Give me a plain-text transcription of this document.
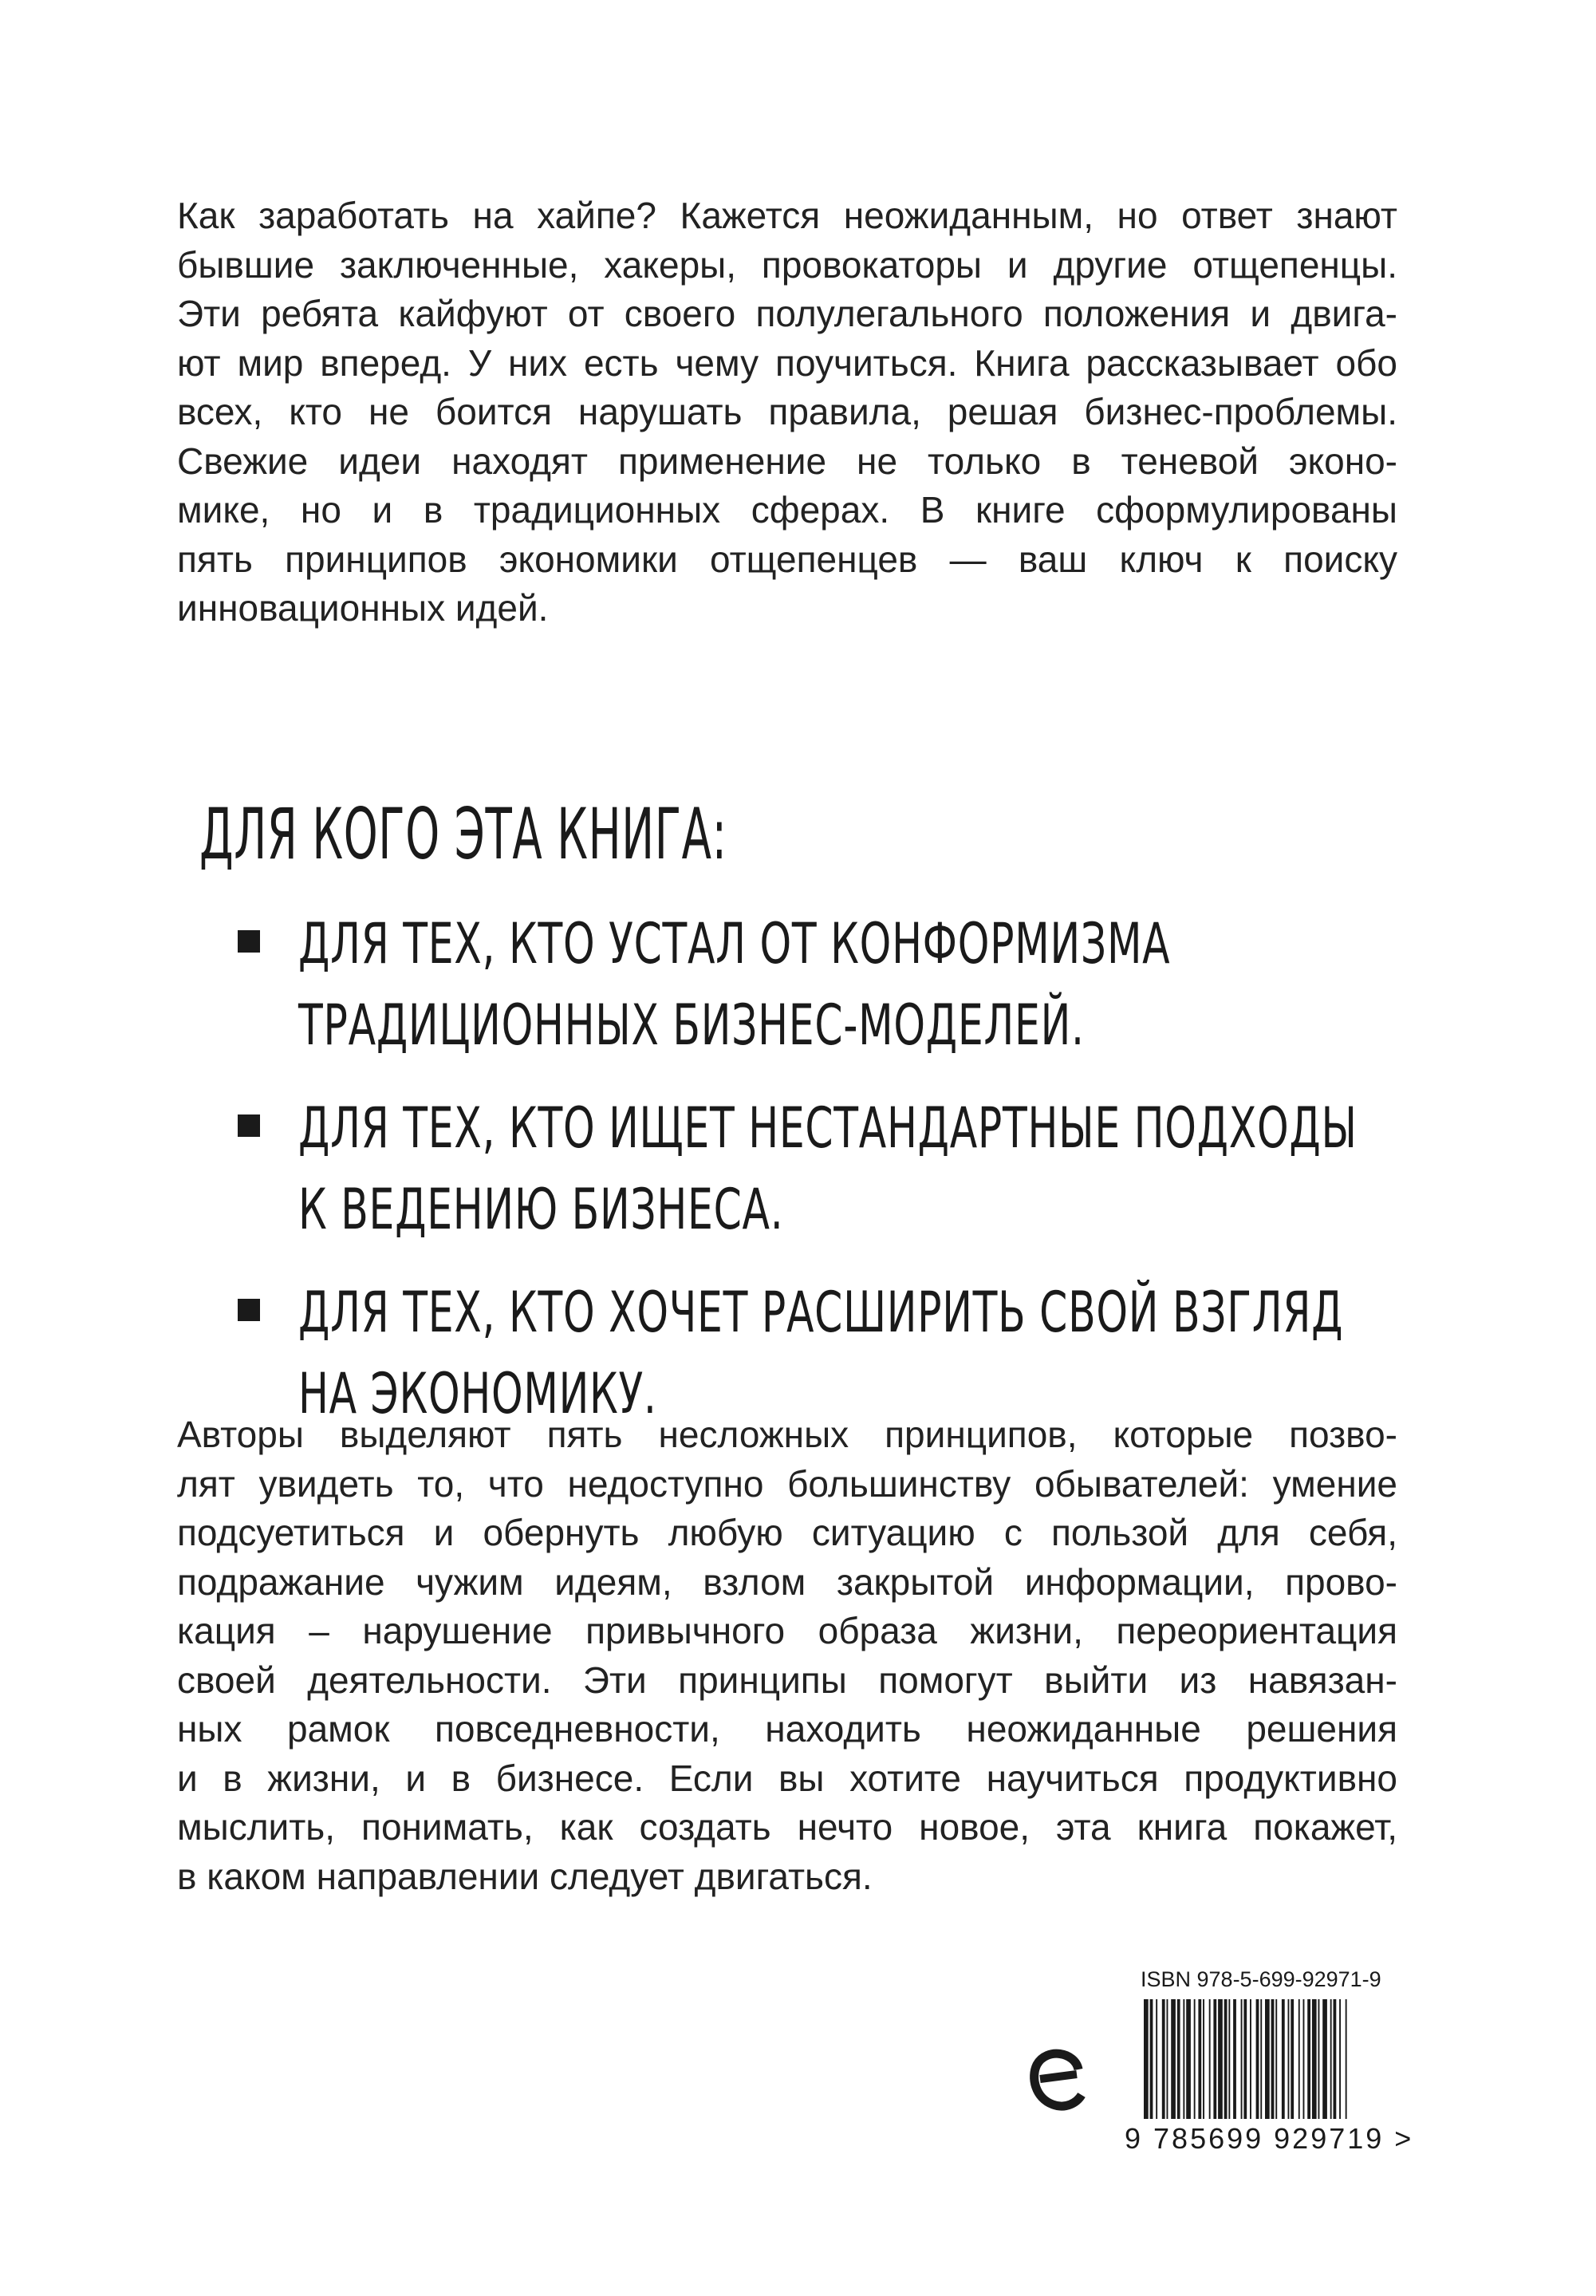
Как заработать на хайпе? Кажется неожиданным, но ответ знают
бывшие заключенные, хакеры, провокаторы и другие отщепенцы.
Эти ребята кайфуют от своего полулегального положения и двига-
ют мир вперед. У них есть чему поучиться. Книга рассказывает обо
всех, кто не боится нарушать правила, решая бизнес-проблемы.
Свежие идеи находят применение не только в теневой эконо-
мике, но и в традиционных сферах. В книге сформулированы
пять принципов экономики отщепенцев — ваш ключ к поиску
инновационных идей.
ДЛЯ КОГО ЭТА КНИГА:
ДЛЯ ТЕХ, КТО УСТАЛ ОТ КОНФОРМИЗМА
ТРАДИЦИОННЫХ БИЗНЕС-МОДЕЛЕЙ.
ДЛЯ ТЕХ, КТО ИЩЕТ НЕСТАНДАРТНЫЕ ПОДХОДЫ
К ВЕДЕНИЮ БИЗНЕСА.
ДЛЯ ТЕХ, КТО ХОЧЕТ РАСШИРИТЬ СВОЙ ВЗГЛЯД
НА ЭКОНОМИКУ.
Авторы выделяют пять несложных принципов, которые позво-
лят увидеть то, что недоступно большинству обывателей: умение
подсуетиться и обернуть любую ситуацию с пользой для себя,
подражание чужим идеям, взлом закрытой информации, прово-
кация – нарушение привычного образа жизни, переориентация
своей деятельности. Эти принципы помогут выйти из навязан-
ных рамок повседневности, находить неожиданные решения
и в жизни, и в бизнесе. Если вы хотите научиться продуктивно
мыслить, понимать, как создать нечто новое, эта книга покажет,
в каком направлении следует двигаться.
ISBN 978-5-699-92971-9
9 785699 929719 >
